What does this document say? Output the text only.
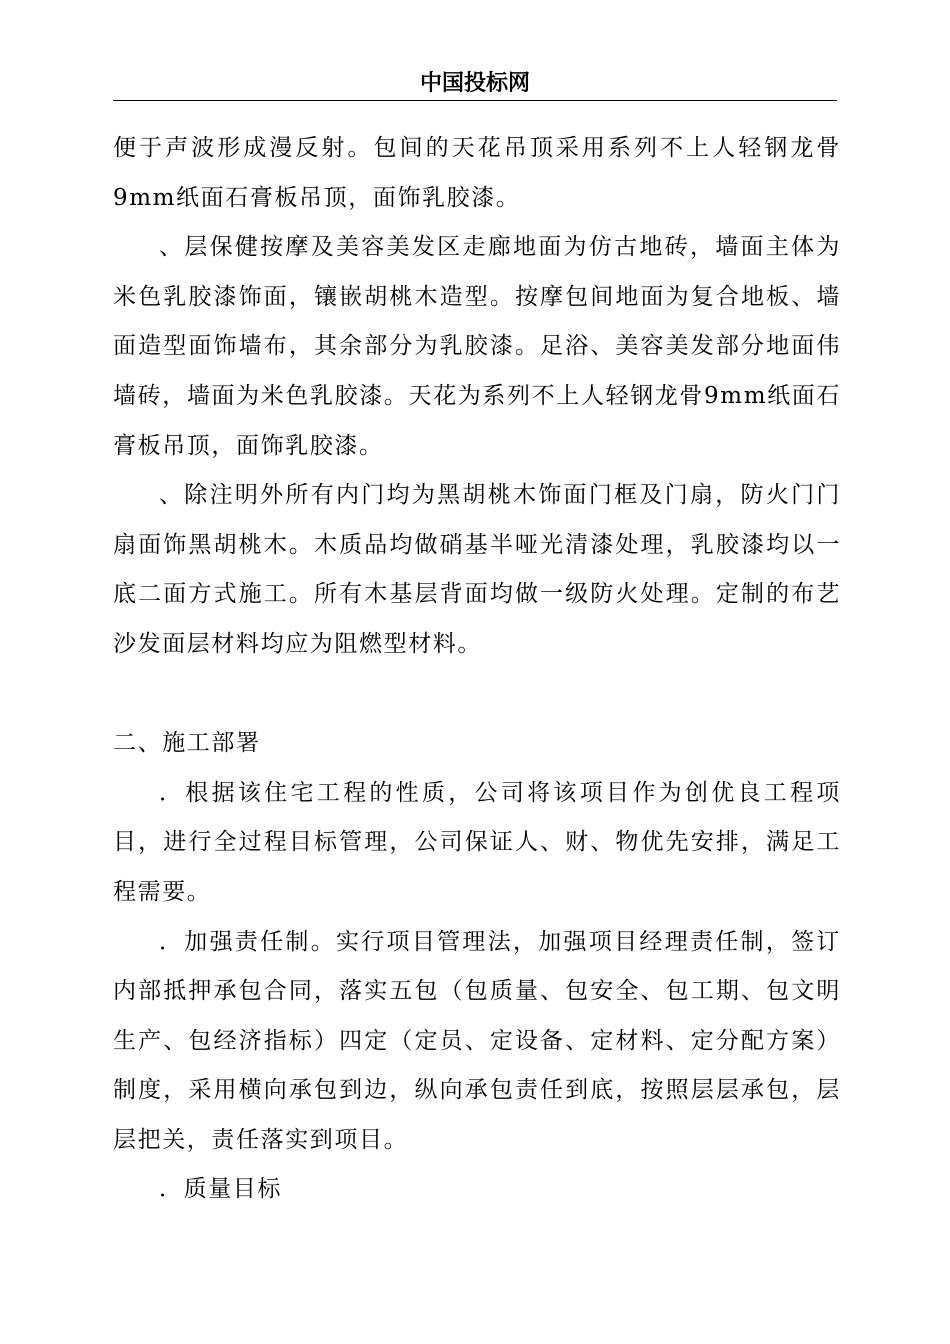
中国投标网

便于声波形成漫反射。包间的天花吊顶采用系列不上人轻钢龙骨9mm纸面石膏板吊顶，面饰乳胶漆。

、层保健按摩及美容美发区走廊地面为仿古地砖，墙面主体为米色乳胶漆饰面，镶嵌胡桃木造型。按摩包间地面为复合地板、墙面造型面饰墙布，其余部分为乳胶漆。足浴、美容美发部分地面伟墙砖，墙面为米色乳胶漆。天花为系列不上人轻钢龙骨9mm纸面石膏板吊顶，面饰乳胶漆。

、除注明外所有内门均为黑胡桃木饰面门框及门扇，防火门门扇面饰黑胡桃木。木质品均做硝基半哑光清漆处理，乳胶漆均以一底二面方式施工。所有木基层背面均做一级防火处理。定制的布艺沙发面层材料均应为阻燃型材料。

二、施工部署

．根据该住宅工程的性质，公司将该项目作为创优良工程项目，进行全过程目标管理，公司保证人、财、物优先安排，满足工程需要。

．加强责任制。实行项目管理法，加强项目经理责任制，签订内部抵押承包合同，落实五包（包质量、包安全、包工期、包文明生产、包经济指标）四定（定员、定设备、定材料、定分配方案）制度，采用横向承包到边，纵向承包责任到底，按照层层承包，层层把关，责任落实到项目。

．质量目标
